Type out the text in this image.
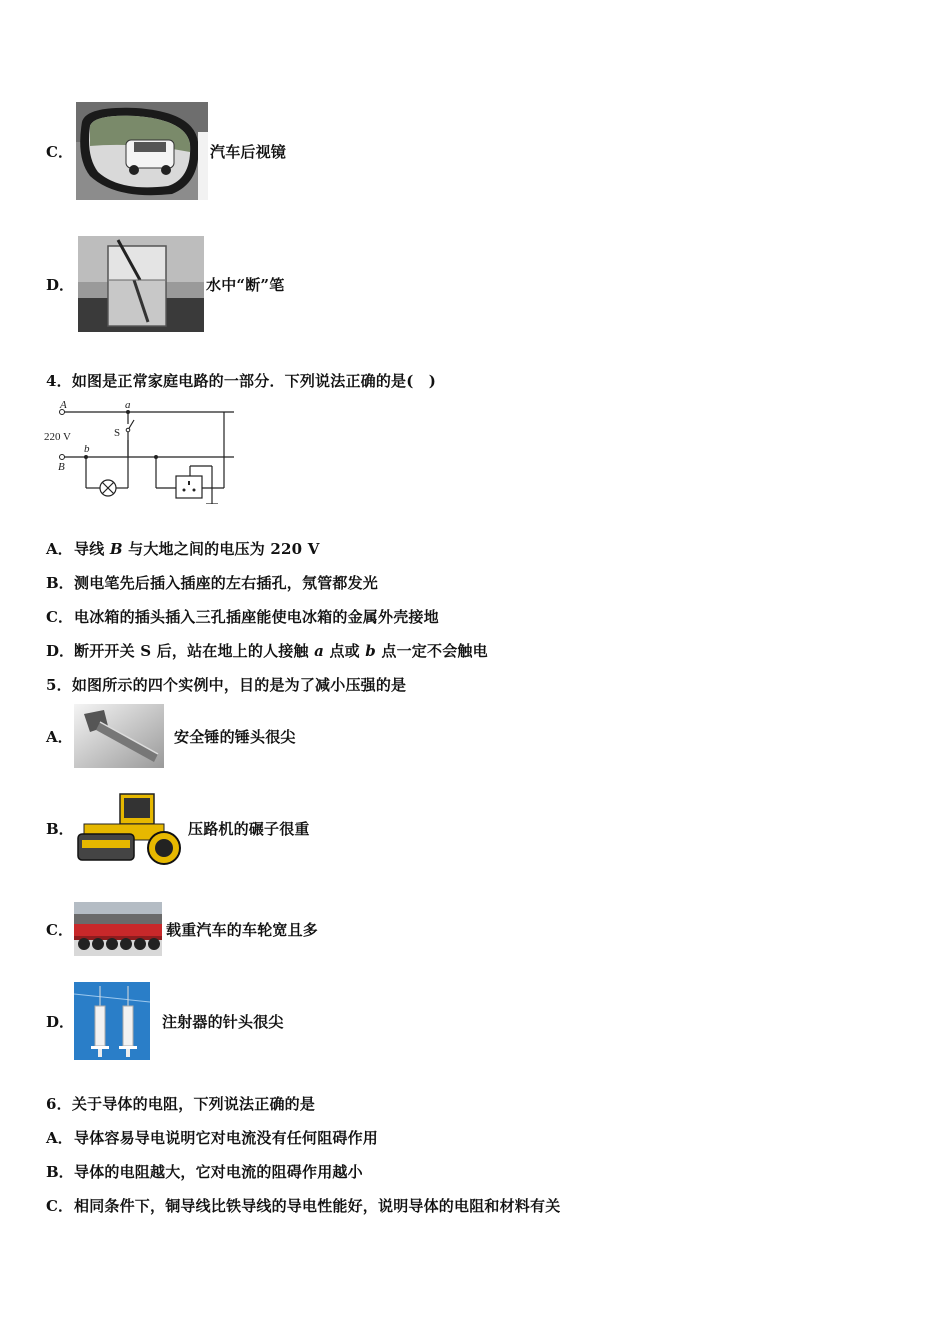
C．	汽车后视镜
D．	水中“断”笔
4．如图是正常家庭电路的一部分．下列说法正确的是(　)
A
220 V
B
a
b
S
A． 导线 B 与大地之间的电压为 220 V
B． 测电笔先后插入插座的左右插孔，氖管都发光
C． 电冰箱的插头插入三孔插座能使电冰箱的金属外壳接地
D． 断开开关 S 后，站在地上的人接触 a 点或 b 点一定不会触电
5．如图所示的四个实例中，目的是为了减小压强的是
A．	安全锤的锤头很尖
B．	压路机的碾子很重
C．	载重汽车的车轮宽且多
D．	注射器的针头很尖
6．关于导体的电阻，下列说法正确的是
A． 导体容易导电说明它对电流没有任何阻碍作用
B． 导体的电阻越大，它对电流的阻碍作用越小
C． 相同条件下，铜导线比铁导线的导电性能好，说明导体的电阻和材料有关
